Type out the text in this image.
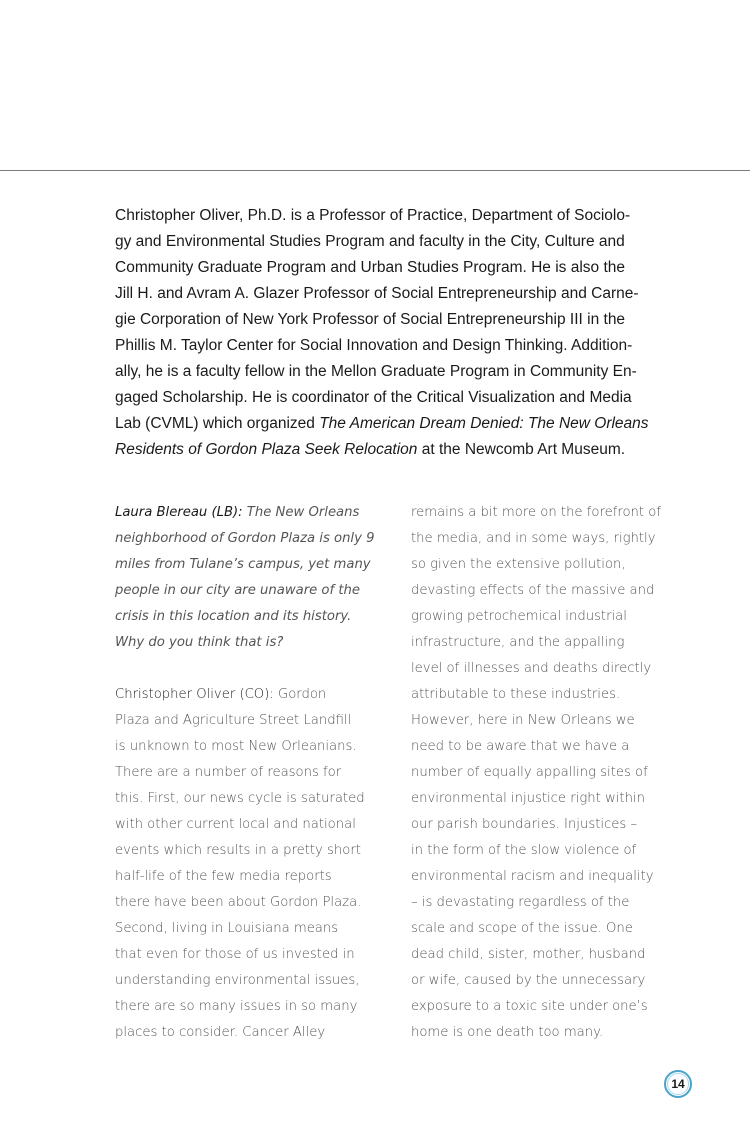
Christopher Oliver, Ph.D. is a Professor of Practice, Department of Sociolo-
gy and Environmental Studies Program and faculty in the City, Culture and
Community Graduate Program and Urban Studies Program. He is also the
Jill H. and Avram A. Glazer Professor of Social Entrepreneurship and Carne-
gie Corporation of New York Professor of Social Entrepreneurship III in the
Phillis M. Taylor Center for Social Innovation and Design Thinking. Addition-
ally, he is a faculty fellow in the Mellon Graduate Program in Community En-
gaged Scholarship. He is coordinator of the Critical Visualization and Media
Lab (CVML) which organized The American Dream Denied: The New Orleans
Residents of Gordon Plaza Seek Relocation at the Newcomb Art Museum.

Laura Blereau (LB): The New Orleans
neighborhood of Gordon Plaza is only 9
miles from Tulane’s campus, yet many
people in our city are unaware of the
crisis in this location and its history.
Why do you think that is?

Christopher Oliver (CO): Gordon
Plaza and Agriculture Street Landfill
is unknown to most New Orleanians.
There are a number of reasons for
this. First, our news cycle is saturated
with other current local and national
events which results in a pretty short
half-life of the few media reports
there have been about Gordon Plaza.
Second, living in Louisiana means
that even for those of us invested in
understanding environmental issues,
there are so many issues in so many
places to consider. Cancer Alley

remains a bit more on the forefront of
the media, and in some ways, rightly
so given the extensive pollution,
devasting effects of the massive and
growing petrochemical industrial
infrastructure, and the appalling
level of illnesses and deaths directly
attributable to these industries.
However, here in New Orleans we
need to be aware that we have a
number of equally appalling sites of
environmental injustice right within
our parish boundaries. Injustices –
in the form of the slow violence of
environmental racism and inequality
– is devastating regardless of the
scale and scope of the issue. One
dead child, sister, mother, husband
or wife, caused by the unnecessary
exposure to a toxic site under one’s
home is one death too many.

14
